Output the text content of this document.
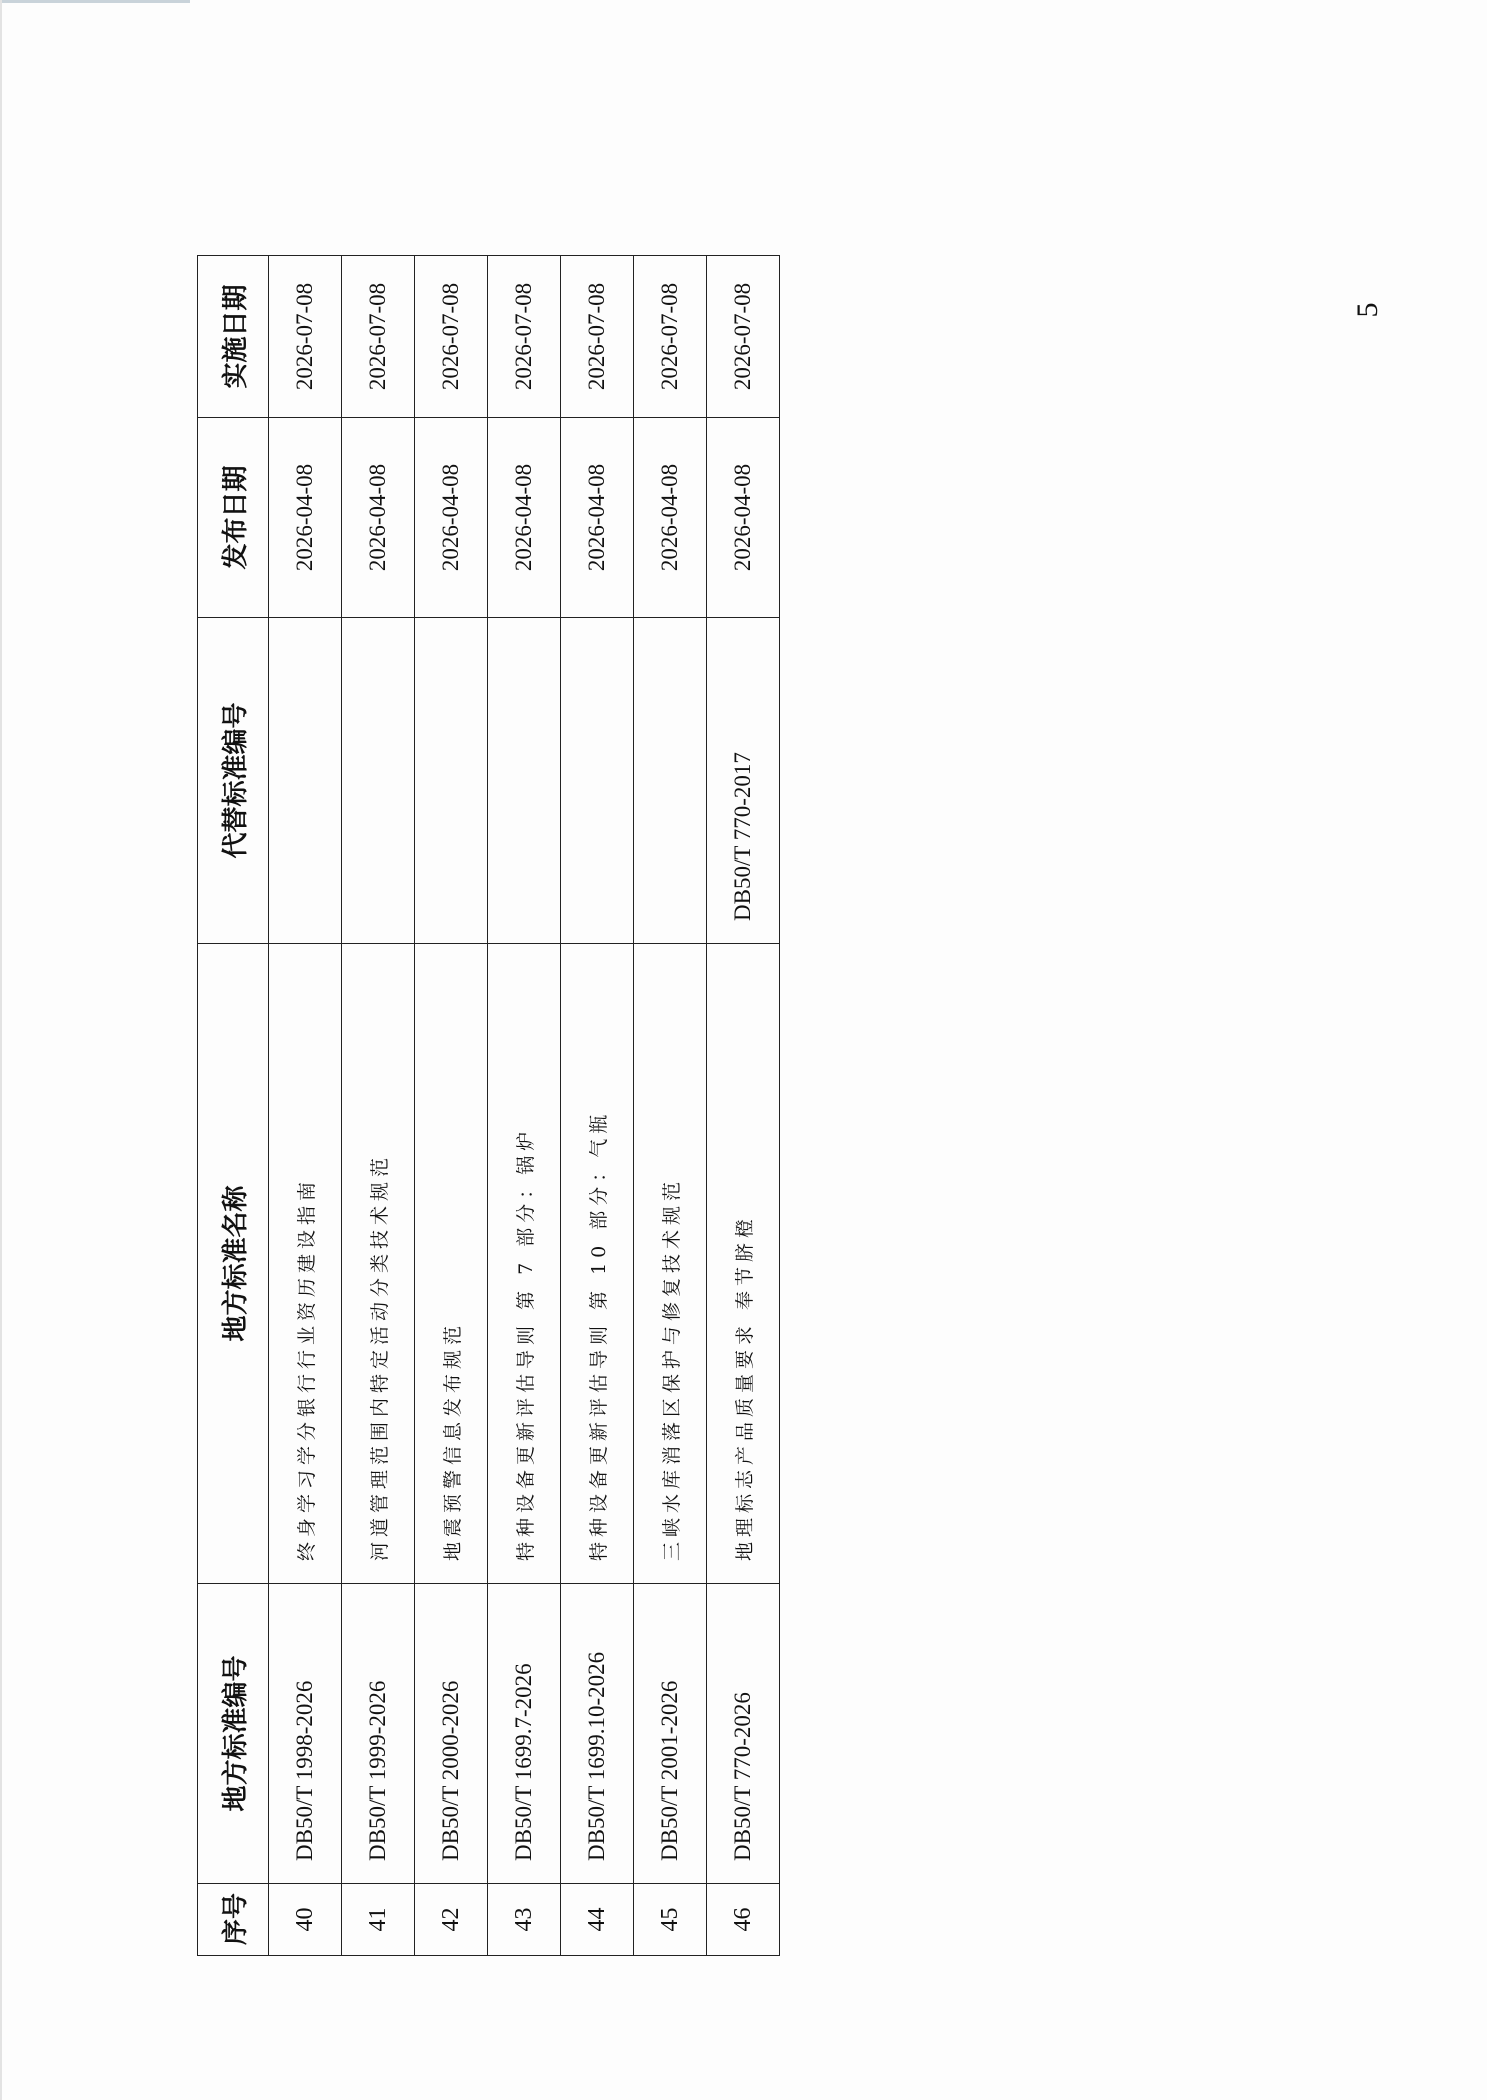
序号	地方标准编号	地方标准名称	代替标准编号	发布日期	实施日期
40	DB50/T 1998-2026	终身学习学分银行行业资历建设指南		2026-04-08	2026-07-08
41	DB50/T 1999-2026	河道管理范围内特定活动分类技术规范		2026-04-08	2026-07-08
42	DB50/T 2000-2026	地震预警信息发布规范		2026-04-08	2026-07-08
43	DB50/T 1699.7-2026	特种设备更新评估导则 第 7 部分：锅炉		2026-04-08	2026-07-08
44	DB50/T 1699.10-2026	特种设备更新评估导则 第 10 部分：气瓶		2026-04-08	2026-07-08
45	DB50/T 2001-2026	三峡水库消落区保护与修复技术规范		2026-04-08	2026-07-08
46	DB50/T 770-2026	地理标志产品质量要求 奉节脐橙	DB50/T 770-2017	2026-04-08	2026-07-08	5
